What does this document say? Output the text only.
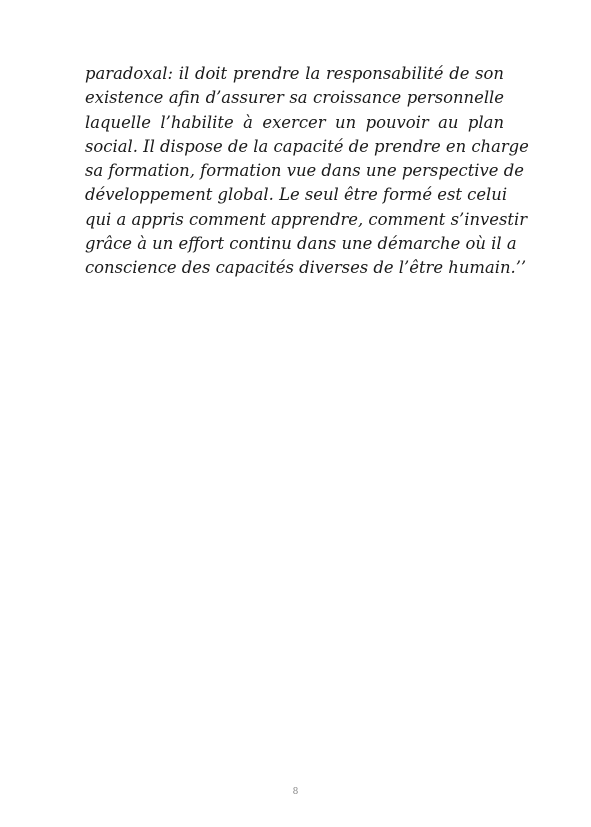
paradoxal: il doit prendre la responsabilité de son
existence afin d’assurer sa croissance personnelle
laquelle l’habilite à exercer un pouvoir au plan
social. Il dispose de la capacité de prendre en charge
sa formation, formation vue dans une perspective de
développement global. Le seul être formé est celui
qui a appris comment apprendre, comment s’investir
grâce à un effort continu dans une démarche où il a
conscience des capacités diverses de l’être humain.’’
8
